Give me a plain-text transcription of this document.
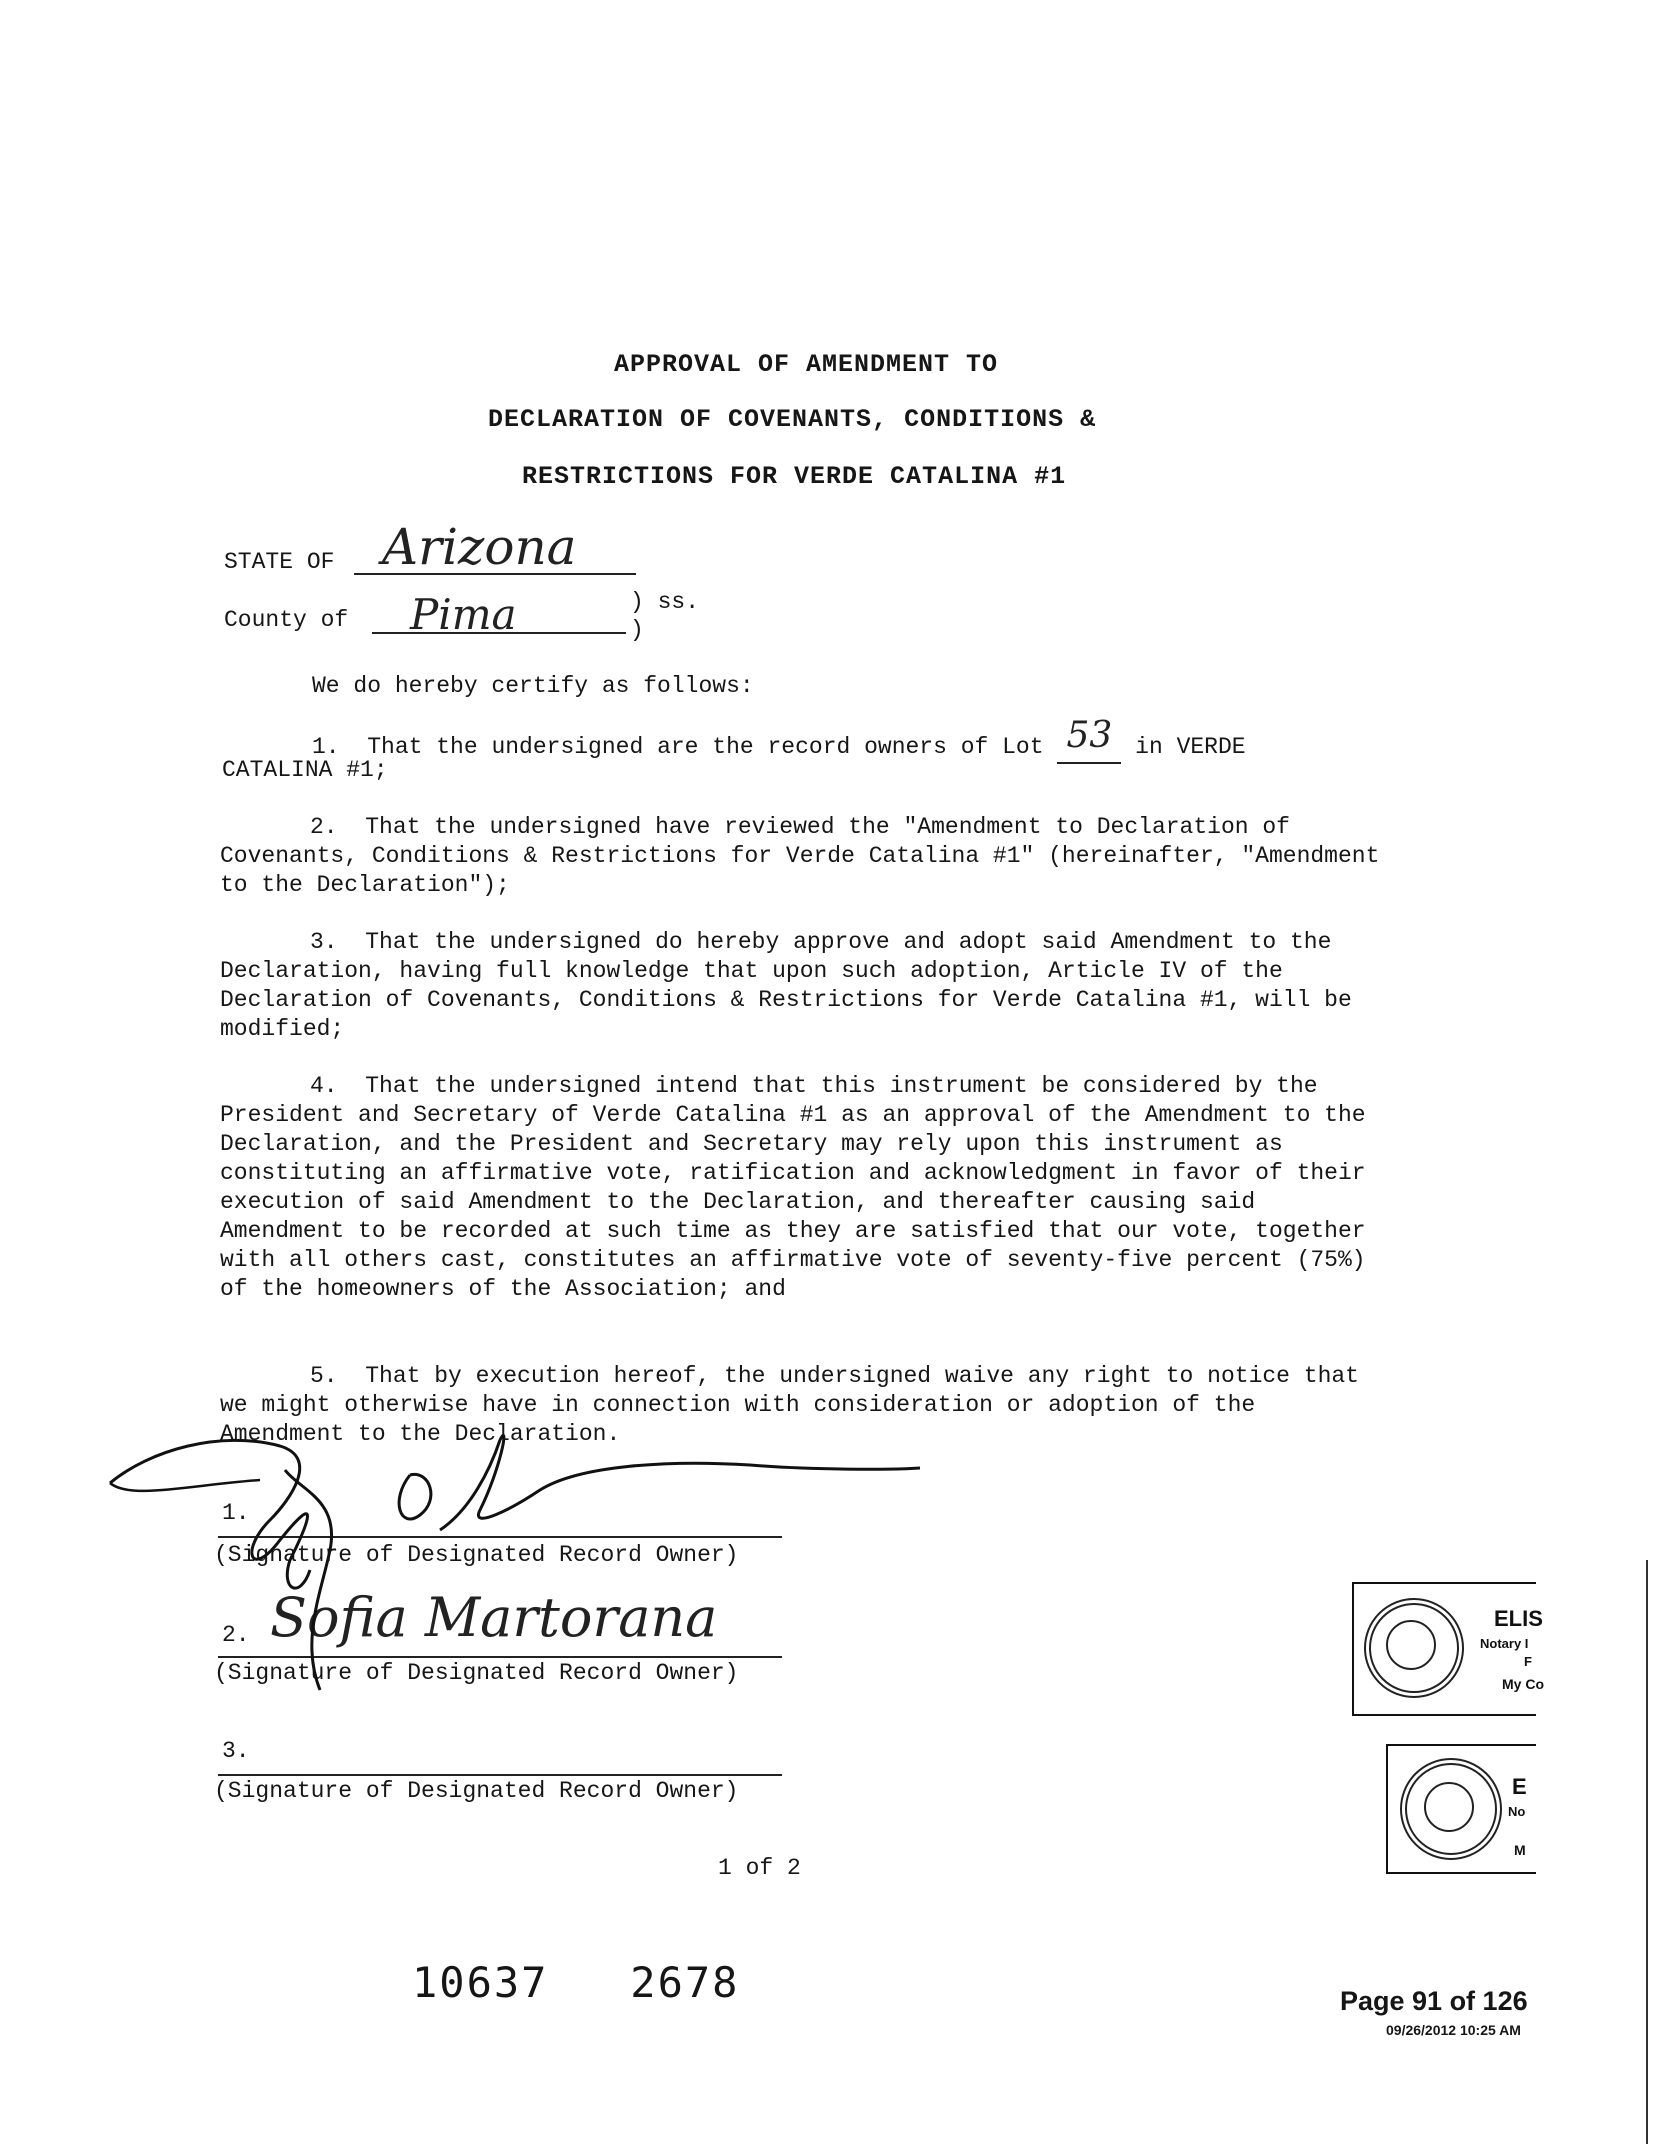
APPROVAL OF AMENDMENT TO
DECLARATION OF COVENANTS, CONDITIONS &
RESTRICTIONS FOR VERDE CATALINA #1
STATE OF Arizona
County of Pima	) ss.
)
We do hereby certify as follows:
1. That the undersigned are the record owners of Lot 53 in VERDE
CATALINA #1;
2. That the undersigned have reviewed the "Amendment to Declaration of Covenants, Conditions & Restrictions for Verde Catalina #1" (hereinafter, "Amendment to the Declaration");
3. That the undersigned do hereby approve and adopt said Amendment to the Declaration, having full knowledge that upon such adoption, Article IV of the Declaration of Covenants, Conditions & Restrictions for Verde Catalina #1, will be modified;
4. That the undersigned intend that this instrument be considered by the President and Secretary of Verde Catalina #1 as an approval of the Amendment to the Declaration, and the President and Secretary may rely upon this instrument as constituting an affirmative vote, ratification and acknowledgment in favor of their execution of said Amendment to the Declaration, and thereafter causing said Amendment to be recorded at such time as they are satisfied that our vote, together with all others cast, constitutes an affirmative vote of seventy-five percent (75%) of the homeowners of the Association; and
5. That by execution hereof, the undersigned waive any right to notice that we might otherwise have in connection with consideration or adoption of the Amendment to the Declaration.
1.
(Signature of Designated Record Owner)
2.
(Signature of Designated Record Owner)
Sofia Martorana
3.
(Signature of Designated Record Owner)
1 of 2
10637   2678	Page 91 of 126
09/26/2012 10:25 AM
ELIS
Notary I
F
My Co
E
No
M
